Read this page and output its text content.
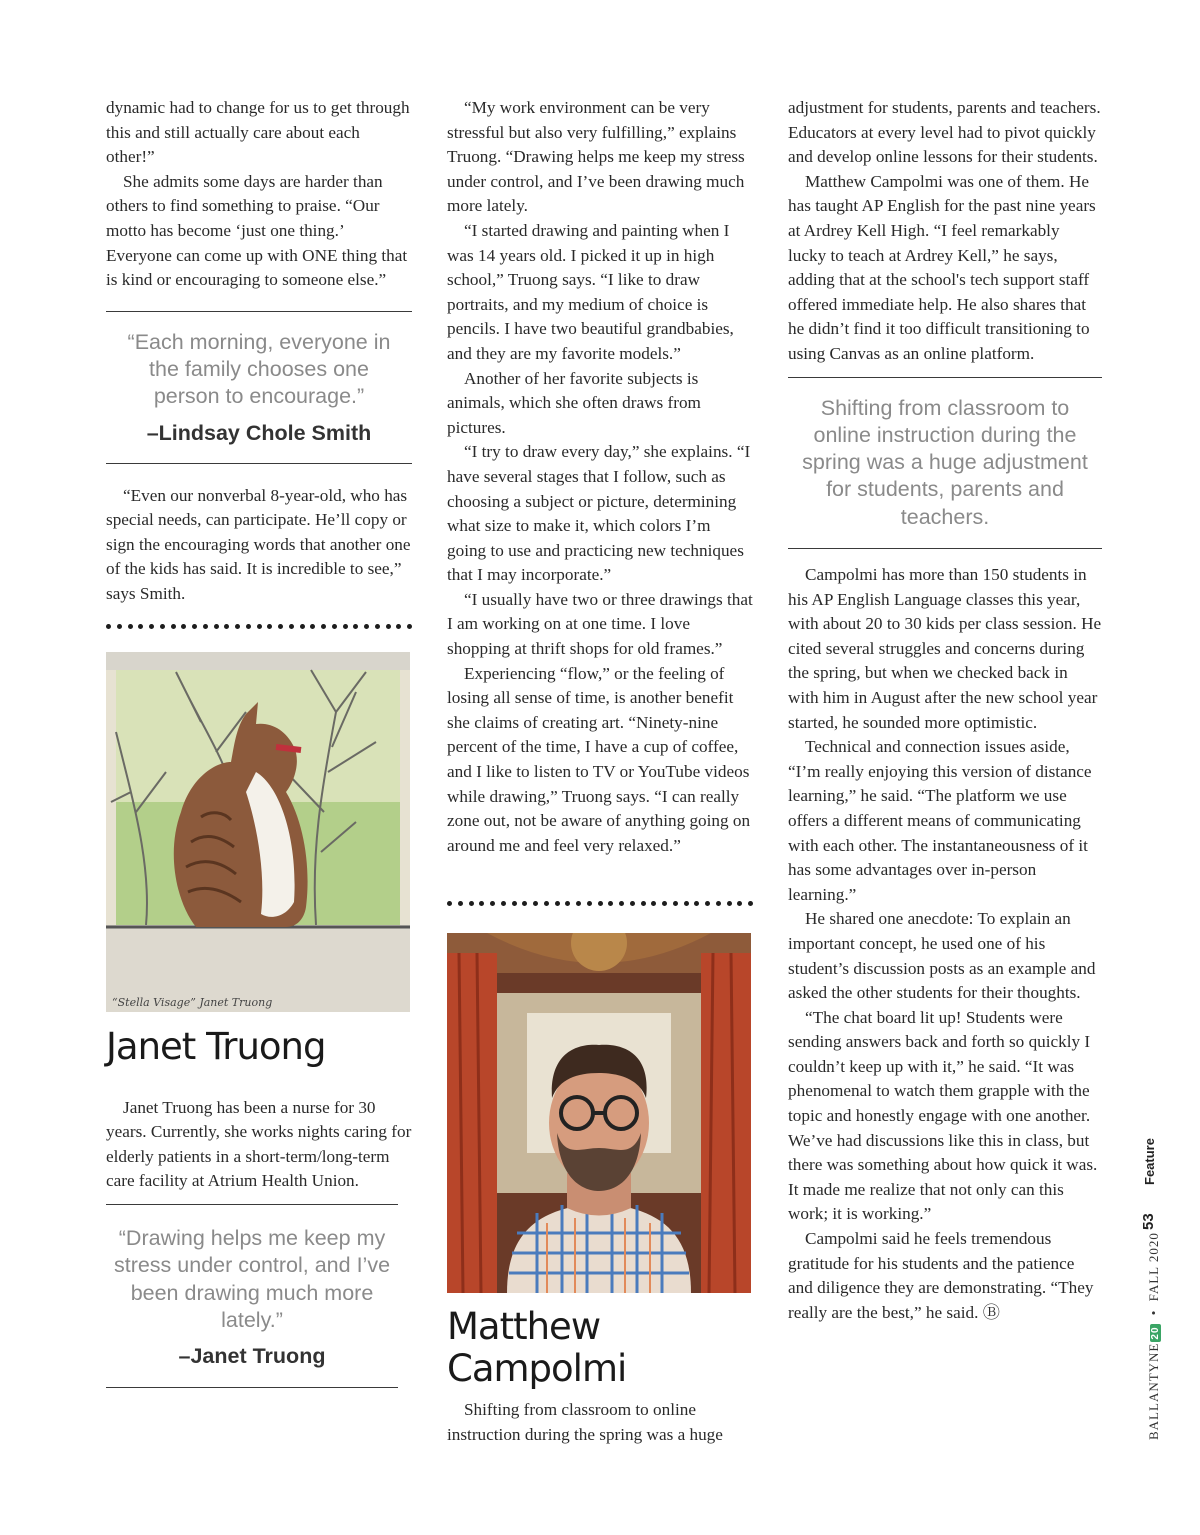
dynamic had to change for us to get through this and still actually care about each other!”

She admits some days are harder than others to find something to praise. “Our motto has become ‘just one thing.’ Everyone can come up with ONE thing that is kind or encouraging to someone else.”

“Each morning, everyone in the family chooses one person to encourage.”
–Lindsay Chole Smith

“Even our nonverbal 8-year-old, who has special needs, can participate. He’ll copy or sign the encouraging words that another one of the kids has said. It is incredible to see,” says Smith.

“Stella Visage” Janet Truong
Janet Truong

Janet Truong has been a nurse for 30 years. Currently, she works nights caring for elderly patients in a short-term/long-term care facility at Atrium Health Union.

“Drawing helps me keep my stress under control, and I’ve been drawing much more lately.”
–Janet Truong

“My work environment can be very stressful but also very fulfilling,” explains Truong. “Drawing helps me keep my stress under control, and I’ve been drawing much more lately.

“I started drawing and painting when I was 14 years old. I picked it up in high school,” Truong says. “I like to draw portraits, and my medium of choice is pencils. I have two beautiful grandbabies, and they are my favorite models.”

Another of her favorite subjects is animals, which she often draws from pictures.

“I try to draw every day,” she explains. “I have several stages that I follow, such as choosing a subject or picture, determining what size to make it, which colors I’m going to use and practicing new techniques that I may incorporate.”

“I usually have two or three drawings that I am working on at one time. I love shopping at thrift shops for old frames.”

Experiencing “flow,” or the feeling of losing all sense of time, is another benefit she claims of creating art. “Ninety-nine percent of the time, I have a cup of coffee, and I like to listen to TV or YouTube videos while drawing,” Truong says. “I can really zone out, not be aware of anything going on around me and feel very relaxed.”

Matthew
Campolmi

Shifting from classroom to online instruction during the spring was a huge

adjustment for students, parents and teachers. Educators at every level had to pivot quickly and develop online lessons for their students.

Matthew Campolmi was one of them. He has taught AP English for the past nine years at Ardrey Kell High. “I feel remarkably lucky to teach at Ardrey Kell,” he says, adding that at the school's tech support staff offered immediate help. He also shares that he didn’t find it too difficult transitioning to using Canvas as an online platform.

Shifting from classroom to online instruction during the spring was a huge adjustment for students, parents and teachers.

Campolmi has more than 150 students in his AP English Language classes this year, with about 20 to 30 kids per class session. He cited several struggles and concerns during the spring, but when we checked back in with him in August after the new school year started, he sounded more optimistic.

Technical and connection issues aside, “I’m really enjoying this version of distance learning,” he said. “The platform we use offers a different means of communicating with each other. The instantaneousness of it has some advantages over in-person learning.”

He shared one anecdote: To explain an important concept, he used one of his student’s discussion posts as an example and asked the other students for their thoughts.

“The chat board lit up! Students were sending answers back and forth so quickly I couldn’t keep up with it,” he said. “It was phenomenal to watch them grapple with the topic and honestly engage with one another. We’ve had discussions like this in class, but there was something about how quick it was. It made me realize that not only can this work; it is working.”

Campolmi said he feels tremendous gratitude for his students and the patience and diligence they are demonstrating. “They really are the best,” he said. Ⓑ

BALLANTYNE20 • FALL 2020
53
Feature
